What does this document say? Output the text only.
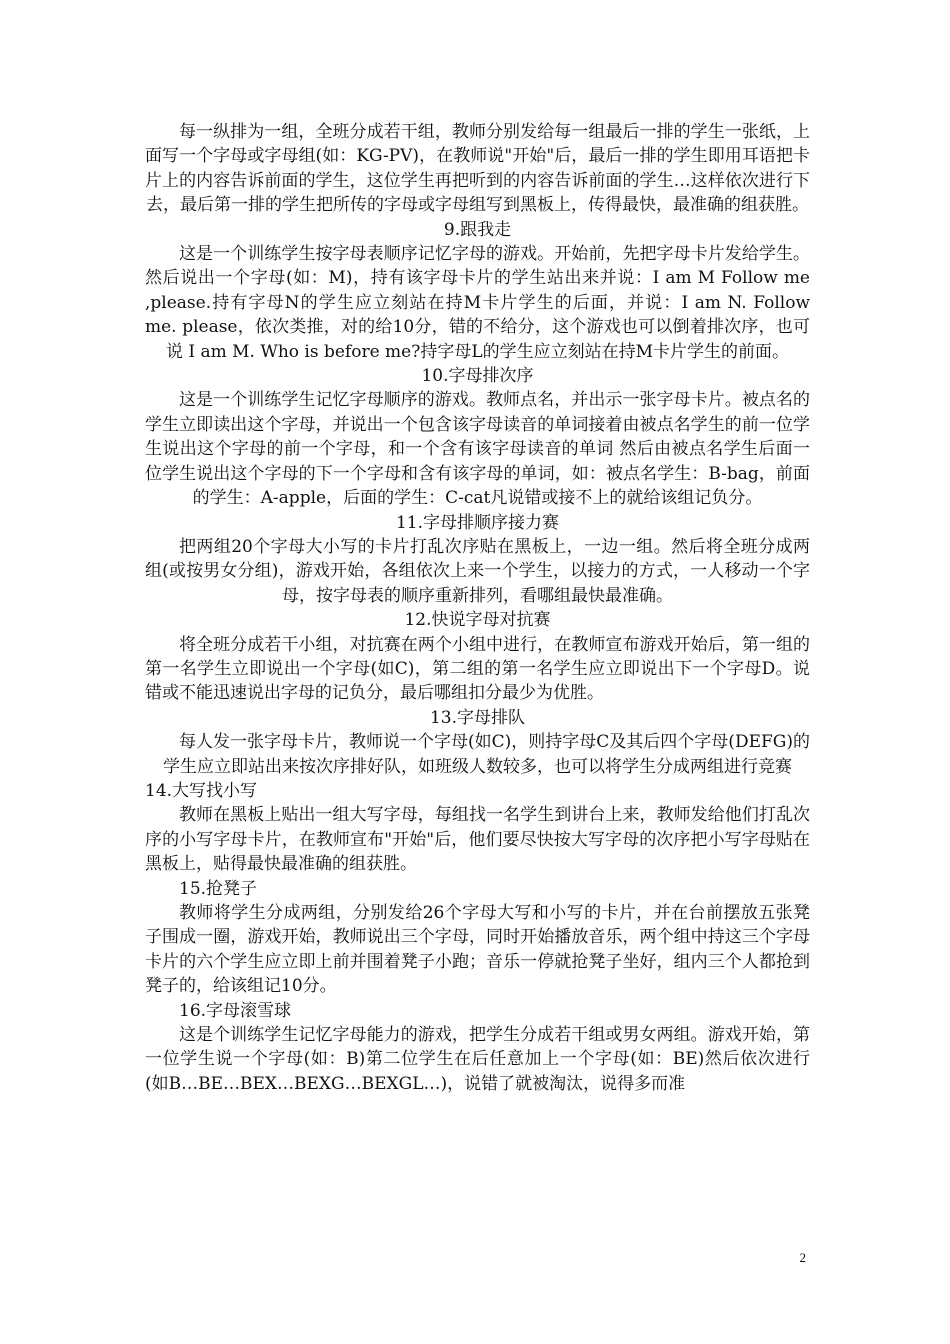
每一纵排为一组，全班分成若干组，教师分别发给每一组最后一排的学生一张纸，上面写一个字母或字母组(如：KG-PV)，在教师说"开始"后，最后一排的学生即用耳语把卡片上的内容告诉前面的学生，这位学生再把听到的内容告诉前面的学生…这样依次进行下去，最后第一排的学生把所传的字母或字母组写到黑板上，传得最快，最准确的组获胜。

9.跟我走

这是一个训练学生按字母表顺序记忆字母的游戏。开始前，先把字母卡片发给学生。然后说出一个字母(如：M)，持有该字母卡片的学生站出来并说：I am M Follow me ,please.持有字母N的学生应立刻站在持M卡片学生的后面，并说：I am N. Follow me. please，依次类推，对的给10分，错的不给分，这个游戏也可以倒着排次序，也可说 I am M. Who is before me?持字母L的学生应立刻站在持M卡片学生的前面。

10.字母排次序

这是一个训练学生记忆字母顺序的游戏。教师点名，并出示一张字母卡片。被点名的学生立即读出这个字母，并说出一个包含该字母读音的单词接着由被点名学生的前一位学生说出这个字母的前一个字母，和一个含有该字母读音的单词 然后由被点名学生后面一位学生说出这个字母的下一个字母和含有该字母的单词，如：被点名学生：B-bag，前面的学生：A-apple，后面的学生：C-cat凡说错或接不上的就给该组记负分。

11.字母排顺序接力赛

把两组20个字母大小写的卡片打乱次序贴在黑板上，一边一组。然后将全班分成两组(或按男女分组)，游戏开始，各组依次上来一个学生，以接力的方式，一人移动一个字母，按字母表的顺序重新排列，看哪组最快最准确。

12.快说字母对抗赛

将全班分成若干小组，对抗赛在两个小组中进行，在教师宣布游戏开始后，第一组的第一名学生立即说出一个字母(如C)，第二组的第一名学生应立即说出下一个字母D。说错或不能迅速说出字母的记负分，最后哪组扣分最少为优胜。

13.字母排队

每人发一张字母卡片，教师说一个字母(如C)，则持字母C及其后四个字母(DEFG)的学生应立即站出来按次序排好队，如班级人数较多，也可以将学生分成两组进行竞赛

14.大写找小写

教师在黑板上贴出一组大写字母，每组找一名学生到讲台上来，教师发给他们打乱次序的小写字母卡片，在教师宣布"开始"后，他们要尽快按大写字母的次序把小写字母贴在黑板上，贴得最快最准确的组获胜。

15.抢凳子

教师将学生分成两组，分别发给26个字母大写和小写的卡片，并在台前摆放五张凳子围成一圈，游戏开始，教师说出三个字母，同时开始播放音乐，两个组中持这三个字母卡片的六个学生应立即上前并围着凳子小跑；音乐一停就抢凳子坐好，组内三个人都抢到凳子的，给该组记10分。

16.字母滚雪球

这是个训练学生记忆字母能力的游戏，把学生分成若干组或男女两组。游戏开始，第一位学生说一个字母(如：B)第二位学生在后任意加上一个字母(如：BE)然后依次进行(如B…BE…BEX…BEXG…BEXGL…)，说错了就被淘汰，说得多而准

2
